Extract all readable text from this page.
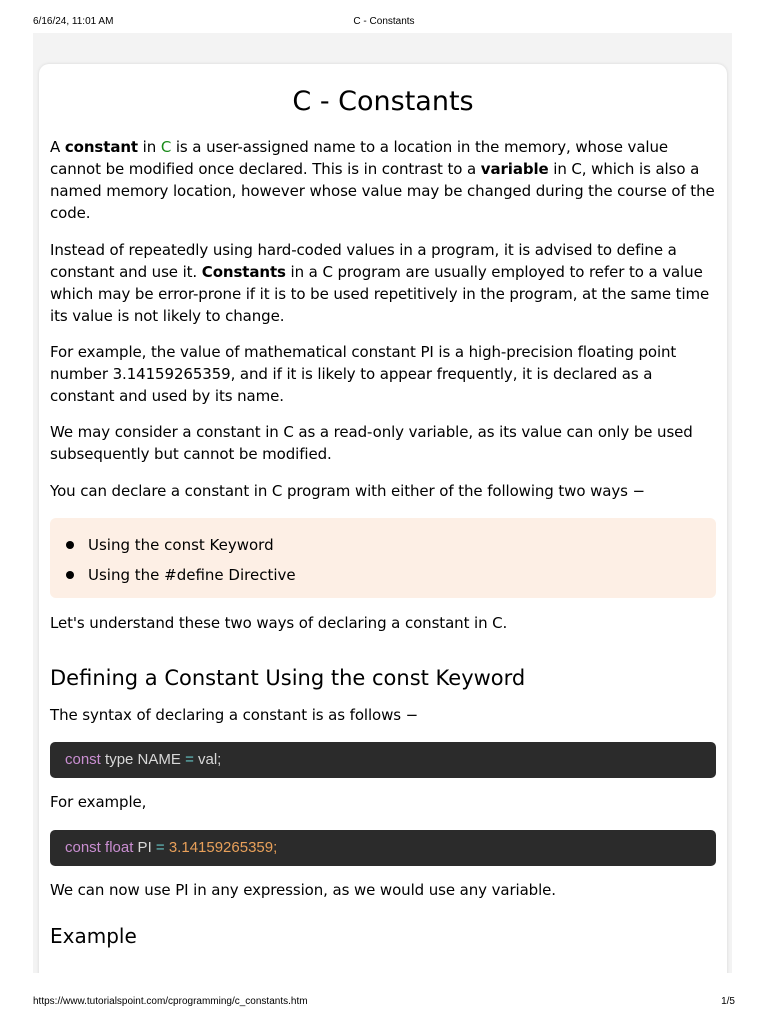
6/16/24, 11:01 AM	C - Constants
C - Constants

A constant in C is a user-assigned name to a location in the memory, whose value cannot be modified once declared. This is in contrast to a variable in C, which is also a named memory location, however whose value may be changed during the course of the code.

Instead of repeatedly using hard-coded values in a program, it is advised to define a constant and use it. Constants in a C program are usually employed to refer to a value which may be error-prone if it is to be used repetitively in the program, at the same time its value is not likely to change.

For example, the value of mathematical constant PI is a high-precision floating point number 3.14159265359, and if it is likely to appear frequently, it is declared as a constant and used by its name.

We may consider a constant in C as a read-only variable, as its value can only be used subsequently but cannot be modified.

You can declare a constant in C program with either of the following two ways −

Using the const Keyword
Using the #define Directive

Let's understand these two ways of declaring a constant in C.

Defining a Constant Using the const Keyword

The syntax of declaring a constant is as follows −

const type NAME = val;

For example,

const float PI = 3.14159265359;

We can now use PI in any expression, as we would use any variable.

Example
https://www.tutorialspoint.com/cprogramming/c_constants.htm	1/5
